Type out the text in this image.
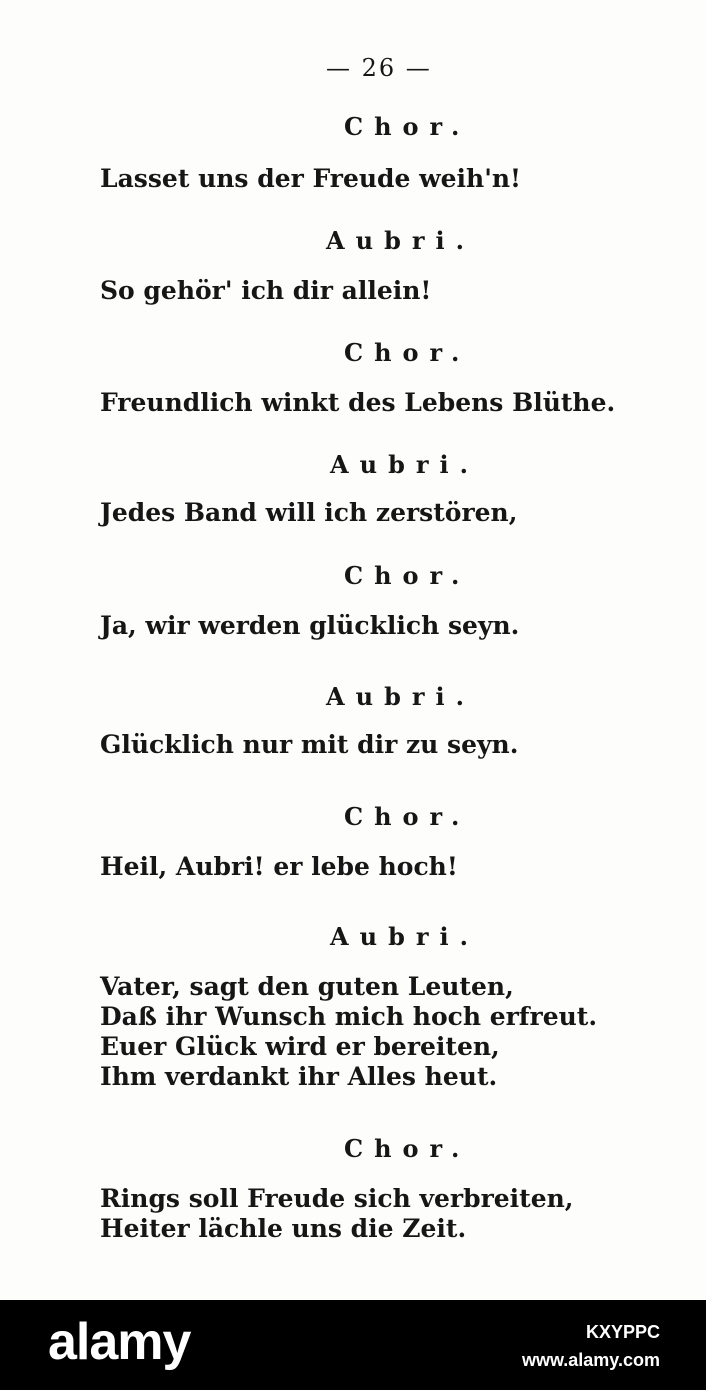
— 26 —
Chor.
Lasset uns der Freude weih'n!
Aubri.
So gehör' ich dir allein!
Chor.
Freundlich winkt des Lebens Blüthe.
Aubri.
Jedes Band will ich zerstören,
Chor.
Ja, wir werden glücklich seyn.
Aubri.
Glücklich nur mit dir zu seyn.
Chor.
Heil, Aubri! er lebe hoch!
Aubri.
Vater, sagt den guten Leuten,
Daß ihr Wunsch mich hoch erfreut.
Euer Glück wird er bereiten,
Ihm verdankt ihr Alles heut.
Chor.
Rings soll Freude sich verbreiten,
Heiter lächle uns die Zeit.
alamy	KXYPPC
www.alamy.com
